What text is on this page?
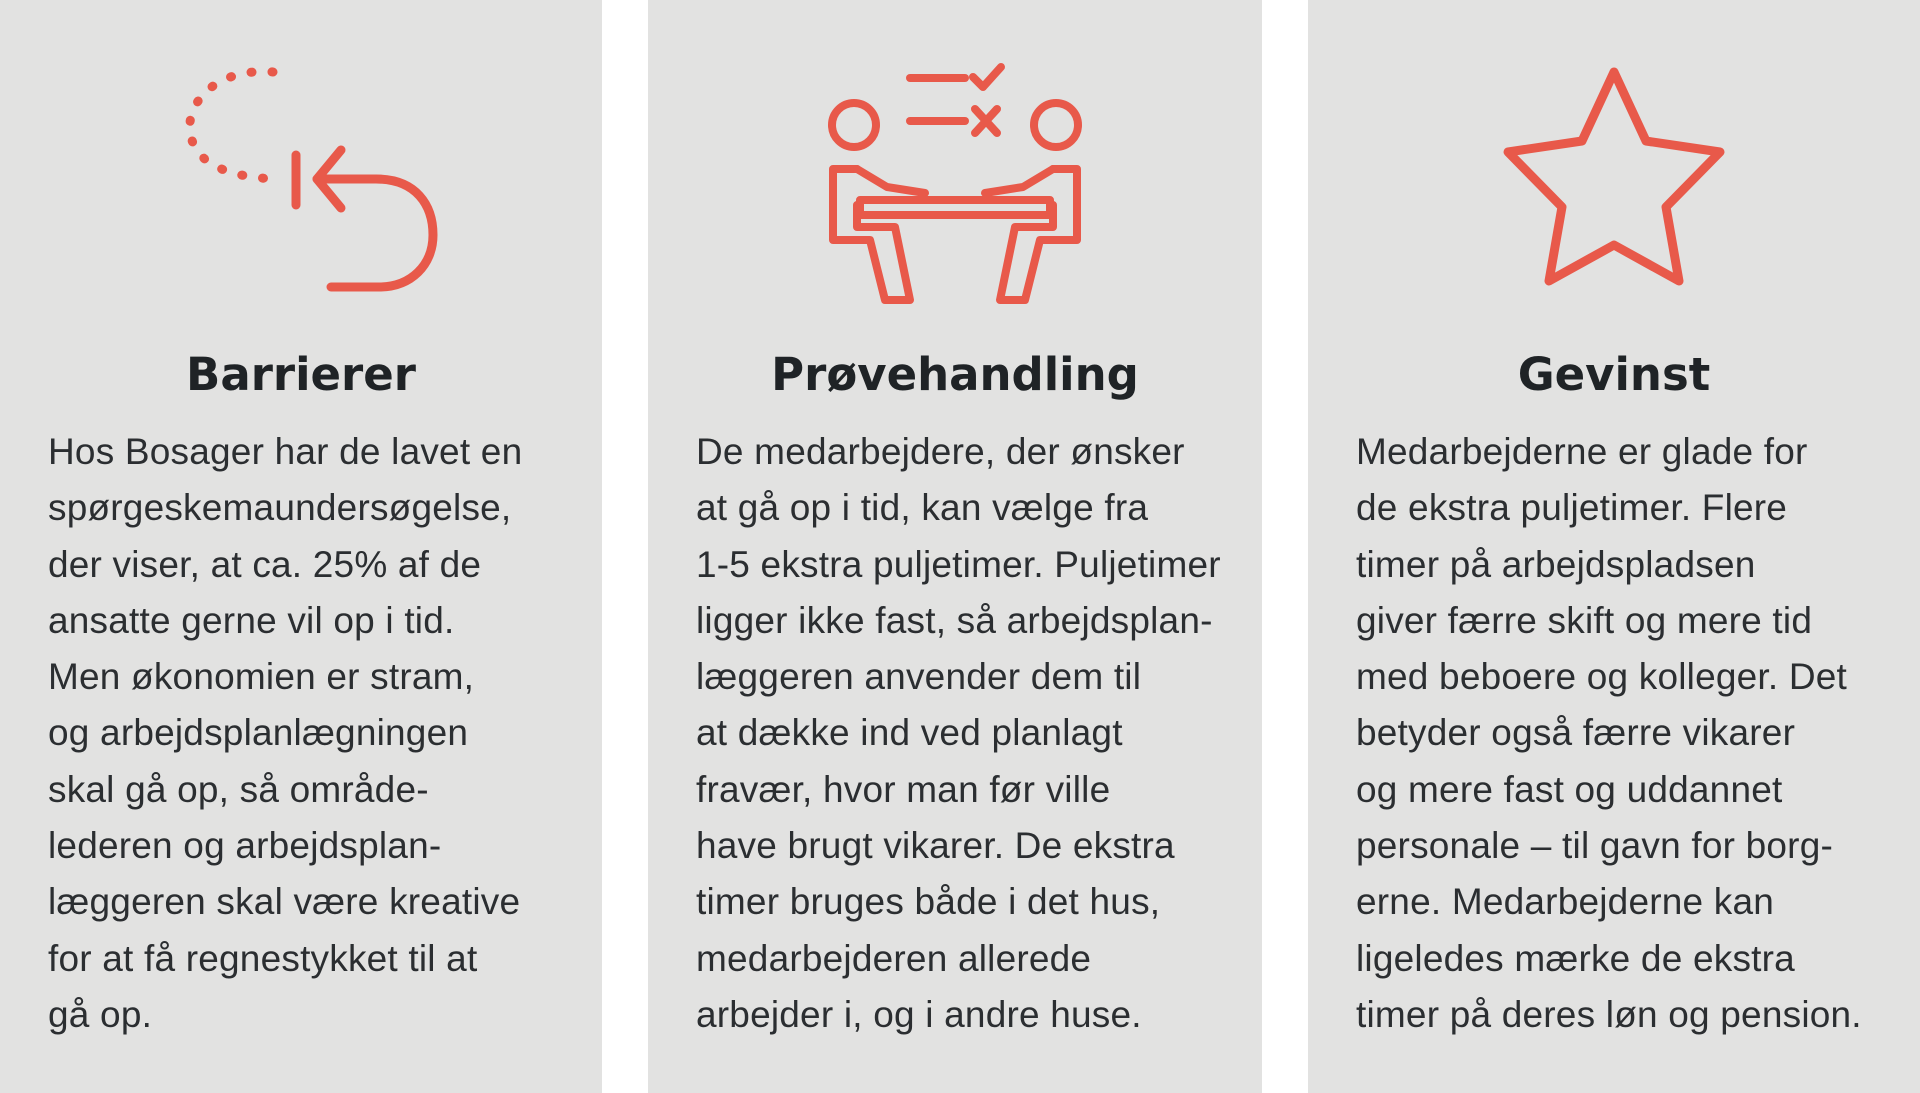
Barrierer
Hos Bosager har de lavet en
spørgeskemaundersøgelse,
der viser, at ca. 25% af de
ansatte gerne vil op i tid.
Men økonomien er stram,
og arbejdsplanlægningen
skal gå op, så område-
lederen og arbejdsplan-
læggeren skal være kreative
for at få regnestykket til at
gå op.
Prøvehandling
De medarbejdere, der ønsker
at gå op i tid, kan vælge fra
1-5 ekstra puljetimer. Puljetimer
ligger ikke fast, så arbejdsplan-
læggeren anvender dem til
at dække ind ved planlagt
fravær, hvor man før ville
have brugt vikarer. De ekstra
timer bruges både i det hus,
medarbejderen allerede
arbejder i, og i andre huse.
Gevinst
Medarbejderne er glade for
de ekstra puljetimer. Flere
timer på arbejdspladsen
giver færre skift og mere tid
med beboere og kolleger. Det
betyder også færre vikarer
og mere fast og uddannet
personale – til gavn for borg-
erne. Medarbejderne kan
ligeledes mærke de ekstra
timer på deres løn og pension.
